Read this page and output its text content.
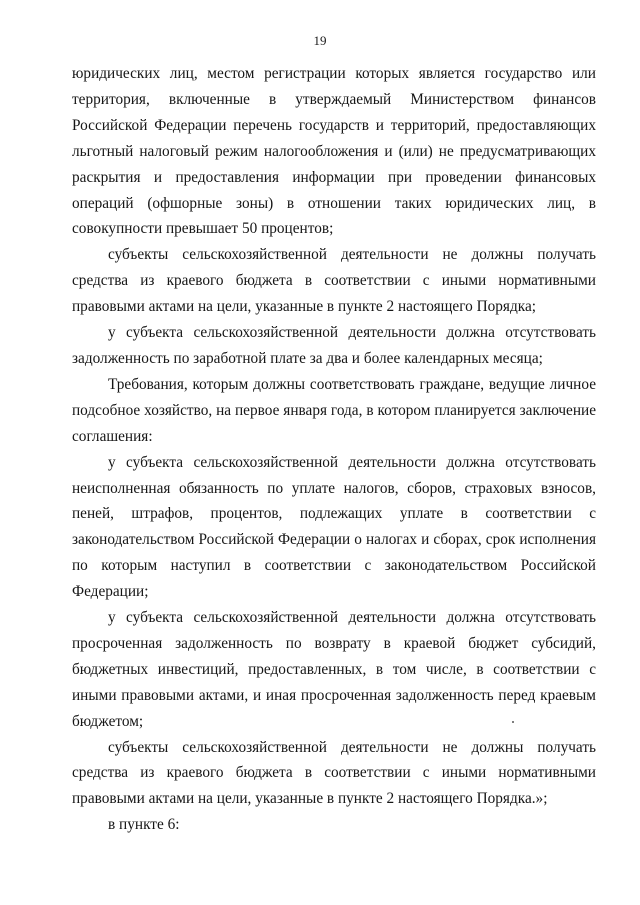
19

юридических лиц, местом регистрации которых является государство или территория, включенные в утверждаемый Министерством финансов Российской Федерации перечень государств и территорий, предоставляющих льготный налоговый режим налогообложения и (или) не предусматривающих раскрытия и предоставления информации при проведении финансовых операций (офшорные зоны) в отношении таких юридических лиц, в совокупности превышает 50 процентов;

субъекты сельскохозяйственной деятельности не должны получать средства из краевого бюджета в соответствии с иными нормативными правовыми актами на цели, указанные в пункте 2 настоящего Порядка;

у субъекта сельскохозяйственной деятельности должна отсутствовать задолженность по заработной плате за два и более календарных месяца;

Требования, которым должны соответствовать граждане, ведущие личное подсобное хозяйство, на первое января года, в котором планируется заключение соглашения:

у субъекта сельскохозяйственной деятельности должна отсутствовать неисполненная обязанность по уплате налогов, сборов, страховых взносов, пеней, штрафов, процентов, подлежащих уплате в соответствии с законодательством Российской Федерации о налогах и сборах, срок исполнения по которым наступил в соответствии с законодательством Российской Федерации;

у субъекта сельскохозяйственной деятельности должна отсутствовать просроченная задолженность по возврату в краевой бюджет субсидий, бюджетных инвестиций, предоставленных, в том числе, в соответствии с иными правовыми актами, и иная просроченная задолженность перед краевым бюджетом;

субъекты сельскохозяйственной деятельности не должны получать средства из краевого бюджета в соответствии с иными нормативными правовыми актами на цели, указанные в пункте 2 настоящего Порядка.»;

в пункте 6:
